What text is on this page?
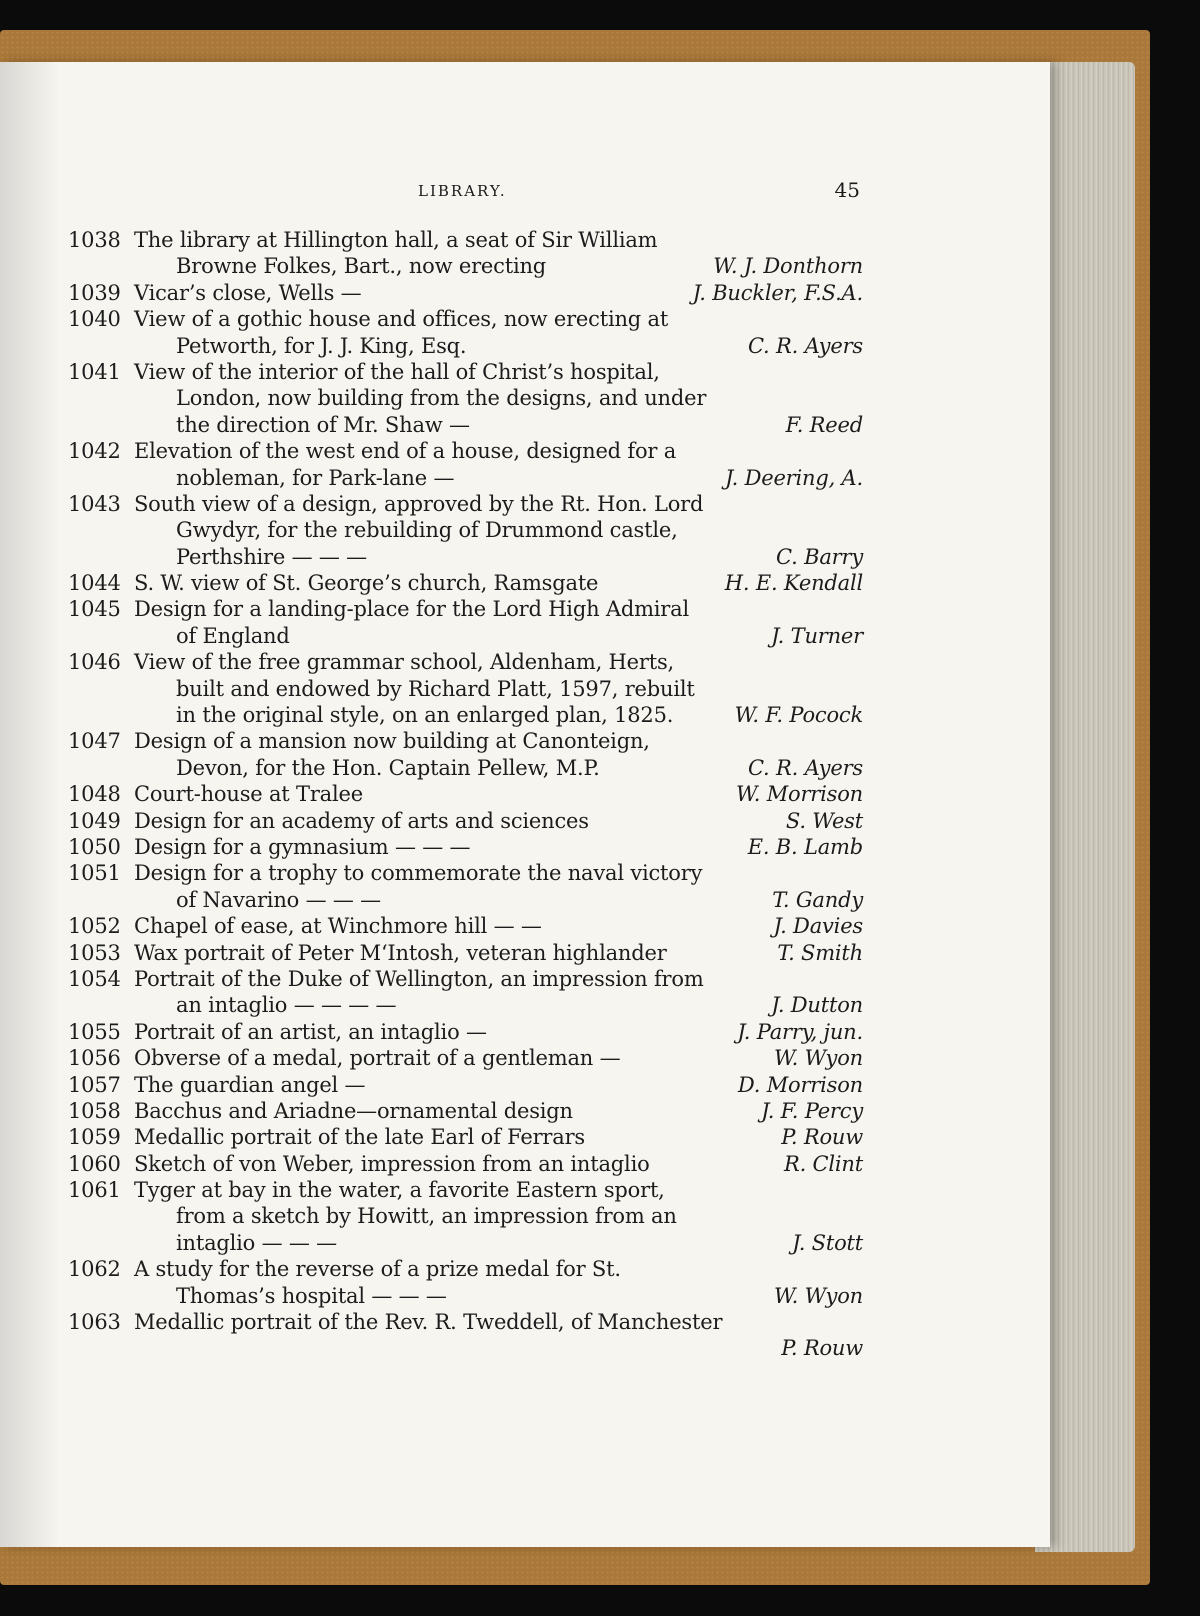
LIBRARY.	45
1038 The library at Hillington hall, a seat of Sir William
Browne Folkes, Bart., now erecting	W. J. Donthorn
1039 Vicar’s close, Wells —	J. Buckler, F.S.A.
1040 View of a gothic house and offices, now erecting at
Petworth, for J. J. King, Esq.	C. R. Ayers
1041 View of the interior of the hall of Christ’s hospital,
London, now building from the designs, and under
the direction of Mr. Shaw —	F. Reed
1042 Elevation of the west end of a house, designed for a
nobleman, for Park-lane —	J. Deering, A.
1043 South view of a design, approved by the Rt. Hon. Lord
Gwydyr, for the rebuilding of Drummond castle,
Perthshire — — —	C. Barry
1044 S. W. view of St. George’s church, Ramsgate	H. E. Kendall
1045 Design for a landing-place for the Lord High Admiral
of England	J. Turner
1046 View of the free grammar school, Aldenham, Herts,
built and endowed by Richard Platt, 1597, rebuilt
in the original style, on an enlarged plan, 1825.	W. F. Pocock
1047 Design of a mansion now building at Canonteign,
Devon, for the Hon. Captain Pellew, M.P.	C. R. Ayers
1048 Court-house at Tralee	W. Morrison
1049 Design for an academy of arts and sciences	S. West
1050 Design for a gymnasium — — —	E. B. Lamb
1051 Design for a trophy to commemorate the naval victory
of Navarino — — —	T. Gandy
1052 Chapel of ease, at Winchmore hill — —	J. Davies
1053 Wax portrait of Peter M‘Intosh, veteran highlander	T. Smith
1054 Portrait of the Duke of Wellington, an impression from
an intaglio — — — —	J. Dutton
1055 Portrait of an artist, an intaglio —	J. Parry, jun.
1056 Obverse of a medal, portrait of a gentleman —	W. Wyon
1057 The guardian angel —	D. Morrison
1058 Bacchus and Ariadne—ornamental design	J. F. Percy
1059 Medallic portrait of the late Earl of Ferrars	P. Rouw
1060 Sketch of von Weber, impression from an intaglio	R. Clint
1061 Tyger at bay in the water, a favorite Eastern sport,
from a sketch by Howitt, an impression from an
intaglio — — —	J. Stott
1062 A study for the reverse of a prize medal for St.
Thomas’s hospital — — —	W. Wyon
1063 Medallic portrait of the Rev. R. Tweddell, of Manchester
P. Rouw
